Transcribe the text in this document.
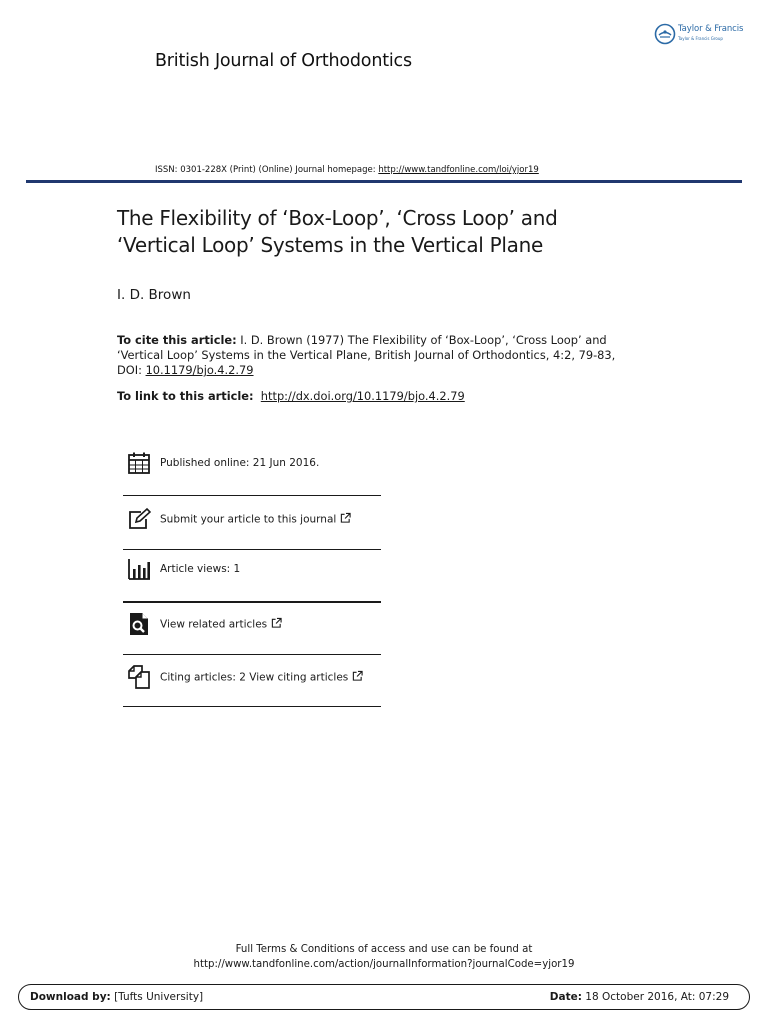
Taylor & Francis
Taylor & Francis Group
British Journal of Orthodontics
ISSN: 0301-228X (Print) (Online) Journal homepage: http://www.tandfonline.com/loi/yjor19
The Flexibility of ‘Box-Loop’, ‘Cross Loop’ and
‘Vertical Loop’ Systems in the Vertical Plane
I. D. Brown
To cite this article: I. D. Brown (1977) The Flexibility of ‘Box-Loop’, ‘Cross Loop’ and ‘Vertical Loop’ Systems in the Vertical Plane, British Journal of Orthodontics, 4:2, 79-83, DOI: 10.1179/bjo.4.2.79
To link to this article: http://dx.doi.org/10.1179/bjo.4.2.79
Published online: 21 Jun 2016.
Submit your article to this journal
Article views: 1
View related articles
Citing articles: 2 View citing articles
Full Terms & Conditions of access and use can be found at
http://www.tandfonline.com/action/journalInformation?journalCode=yjor19
Download by: [Tufts University]	Date: 18 October 2016, At: 07:29
